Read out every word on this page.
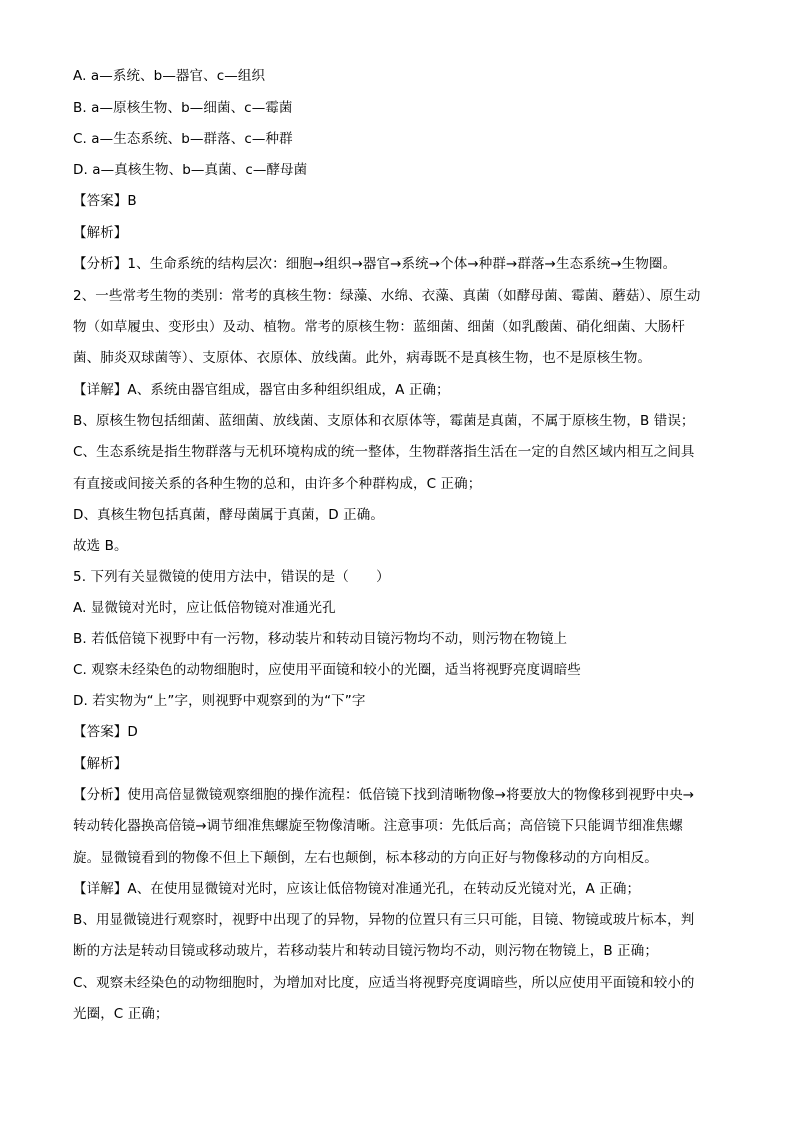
A. a—系统、b—器官、c—组织
B. a—原核生物、b—细菌、c—霉菌
C. a—生态系统、b—群落、c—种群
D. a—真核生物、b—真菌、c—酵母菌
【答案】B
【解析】
【分析】1、生命系统的结构层次：细胞→组织→器官→系统→个体→种群→群落→生态系统→生物圈。
2、一些常考生物的类别：常考的真核生物：绿藻、水绵、衣藻、真菌（如酵母菌、霉菌、蘑菇）、原生动
物（如草履虫、变形虫）及动、植物。常考的原核生物：蓝细菌、细菌（如乳酸菌、硝化细菌、大肠杆
菌、肺炎双球菌等）、支原体、衣原体、放线菌。此外，病毒既不是真核生物，也不是原核生物。
【详解】A、系统由器官组成，器官由多种组织组成，A 正确；
B、原核生物包括细菌、蓝细菌、放线菌、支原体和衣原体等，霉菌是真菌，不属于原核生物，B 错误；
C、生态系统是指生物群落与无机环境构成的统一整体，生物群落指生活在一定的自然区域内相互之间具
有直接或间接关系的各种生物的总和，由许多个种群构成，C 正确；
D、真核生物包括真菌，酵母菌属于真菌，D 正确。
故选 B。
5. 下列有关显微镜的使用方法中，错误的是（　　）
A. 显微镜对光时，应让低倍物镜对准通光孔
B. 若低倍镜下视野中有一污物，移动装片和转动目镜污物均不动，则污物在物镜上
C. 观察未经染色的动物细胞时，应使用平面镜和较小的光圈，适当将视野亮度调暗些
D. 若实物为“上”字，则视野中观察到的为“下”字
【答案】D
【解析】
【分析】使用高倍显微镜观察细胞的操作流程：低倍镜下找到清晰物像→将要放大的物像移到视野中央→
转动转化器换高倍镜→调节细准焦螺旋至物像清晰。注意事项：先低后高；高倍镜下只能调节细准焦螺
旋。显微镜看到的物像不但上下颠倒，左右也颠倒，标本移动的方向正好与物像移动的方向相反。
【详解】A、在使用显微镜对光时，应该让低倍物镜对准通光孔，在转动反光镜对光，A 正确；
B、用显微镜进行观察时，视野中出现了的异物，异物的位置只有三只可能，目镜、物镜或玻片标本，判
断的方法是转动目镜或移动玻片，若移动装片和转动目镜污物均不动，则污物在物镜上，B 正确；
C、观察未经染色的动物细胞时，为增加对比度，应适当将视野亮度调暗些，所以应使用平面镜和较小的
光圈，C 正确；
